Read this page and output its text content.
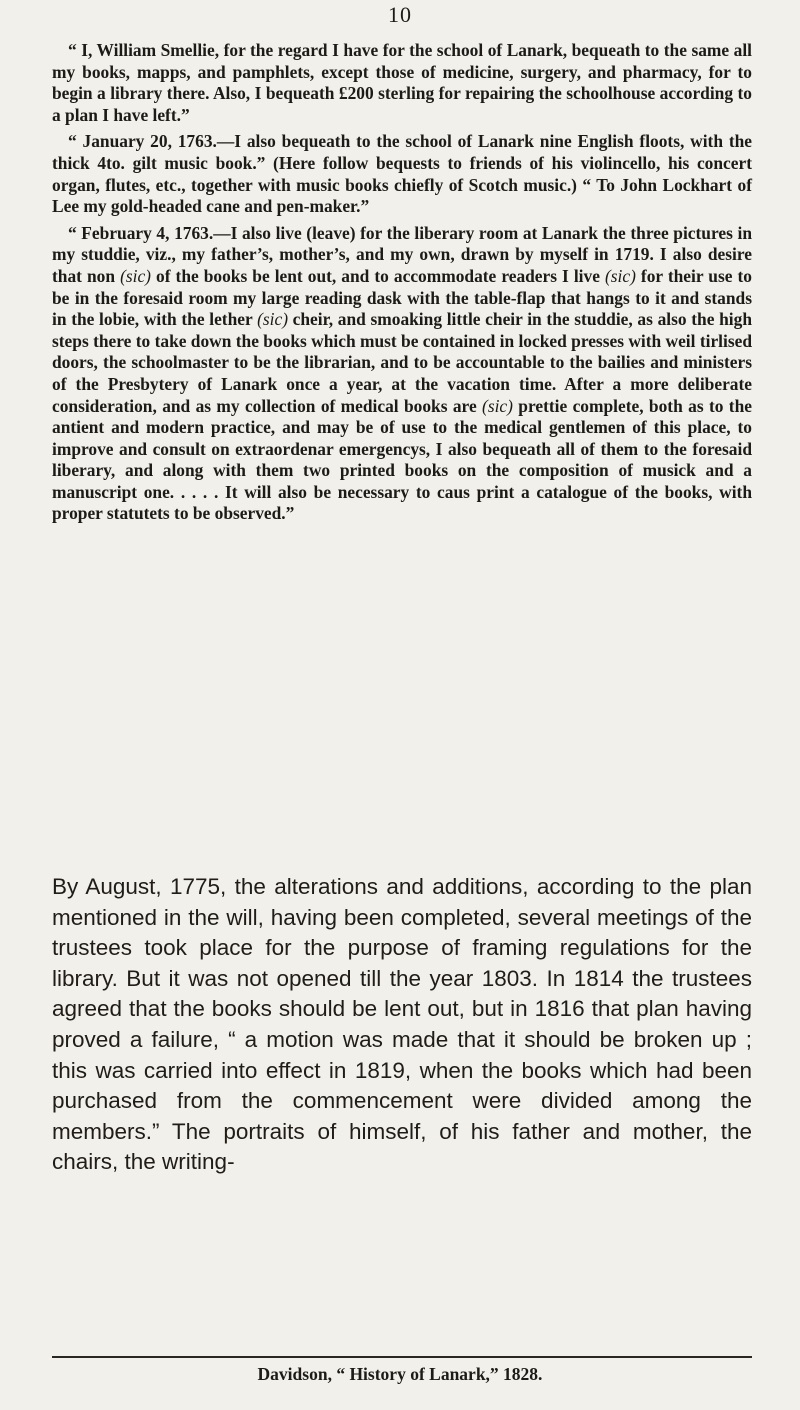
10

“ I, William Smellie, for the regard I have for the school of Lanark, bequeath to the same all my books, mapps, and pamphlets, except those of medicine, surgery, and pharmacy, for to begin a library there. Also, I bequeath £200 sterling for repairing the schoolhouse according to a plan I have left.”

“ January 20, 1763.—I also bequeath to the school of Lanark nine English floots, with the thick 4to. gilt music book.” (Here follow bequests to friends of his violincello, his concert organ, flutes, etc., together with music books chiefly of Scotch music.) “ To John Lockhart of Lee my gold-headed cane and pen-maker.”

“ February 4, 1763.—I also live (leave) for the liberary room at Lanark the three pictures in my studdie, viz., my father’s, mother’s, and my own, drawn by myself in 1719. I also desire that non (sic) of the books be lent out, and to accommodate readers I live (sic) for their use to be in the foresaid room my large reading dask with the table-flap that hangs to it and stands in the lobie, with the lether (sic) cheir, and smoaking little cheir in the studdie, as also the high steps there to take down the books which must be contained in locked presses with weil tirlised doors, the schoolmaster to be the librarian, and to be accountable to the bailies and ministers of the Presbytery of Lanark once a year, at the vacation time. After a more deliberate consideration, and as my collection of medical books are (sic) prettie complete, both as to the antient and modern practice, and may be of use to the medical gentlemen of this place, to improve and consult on extraordenar emergencys, I also bequeath all of them to the foresaid liberary, and along with them two printed books on the composition of musick and a manuscript one. . . . . It will also be necessary to caus print a catalogue of the books, with proper statutets to be observed.”

By August, 1775, the alterations and additions, according to the plan mentioned in the will, having been completed, several meetings of the trustees took place for the purpose of framing regulations for the library. But it was not opened till the year 1803. In 1814 the trustees agreed that the books should be lent out, but in 1816 that plan having proved a failure, “ a motion was made that it should be broken up ; this was carried into effect in 1819, when the books which had been purchased from the commencement were divided among the members.” The portraits of himself, of his father and mother, the chairs, the writing-

Davidson, “ History of Lanark,” 1828.
